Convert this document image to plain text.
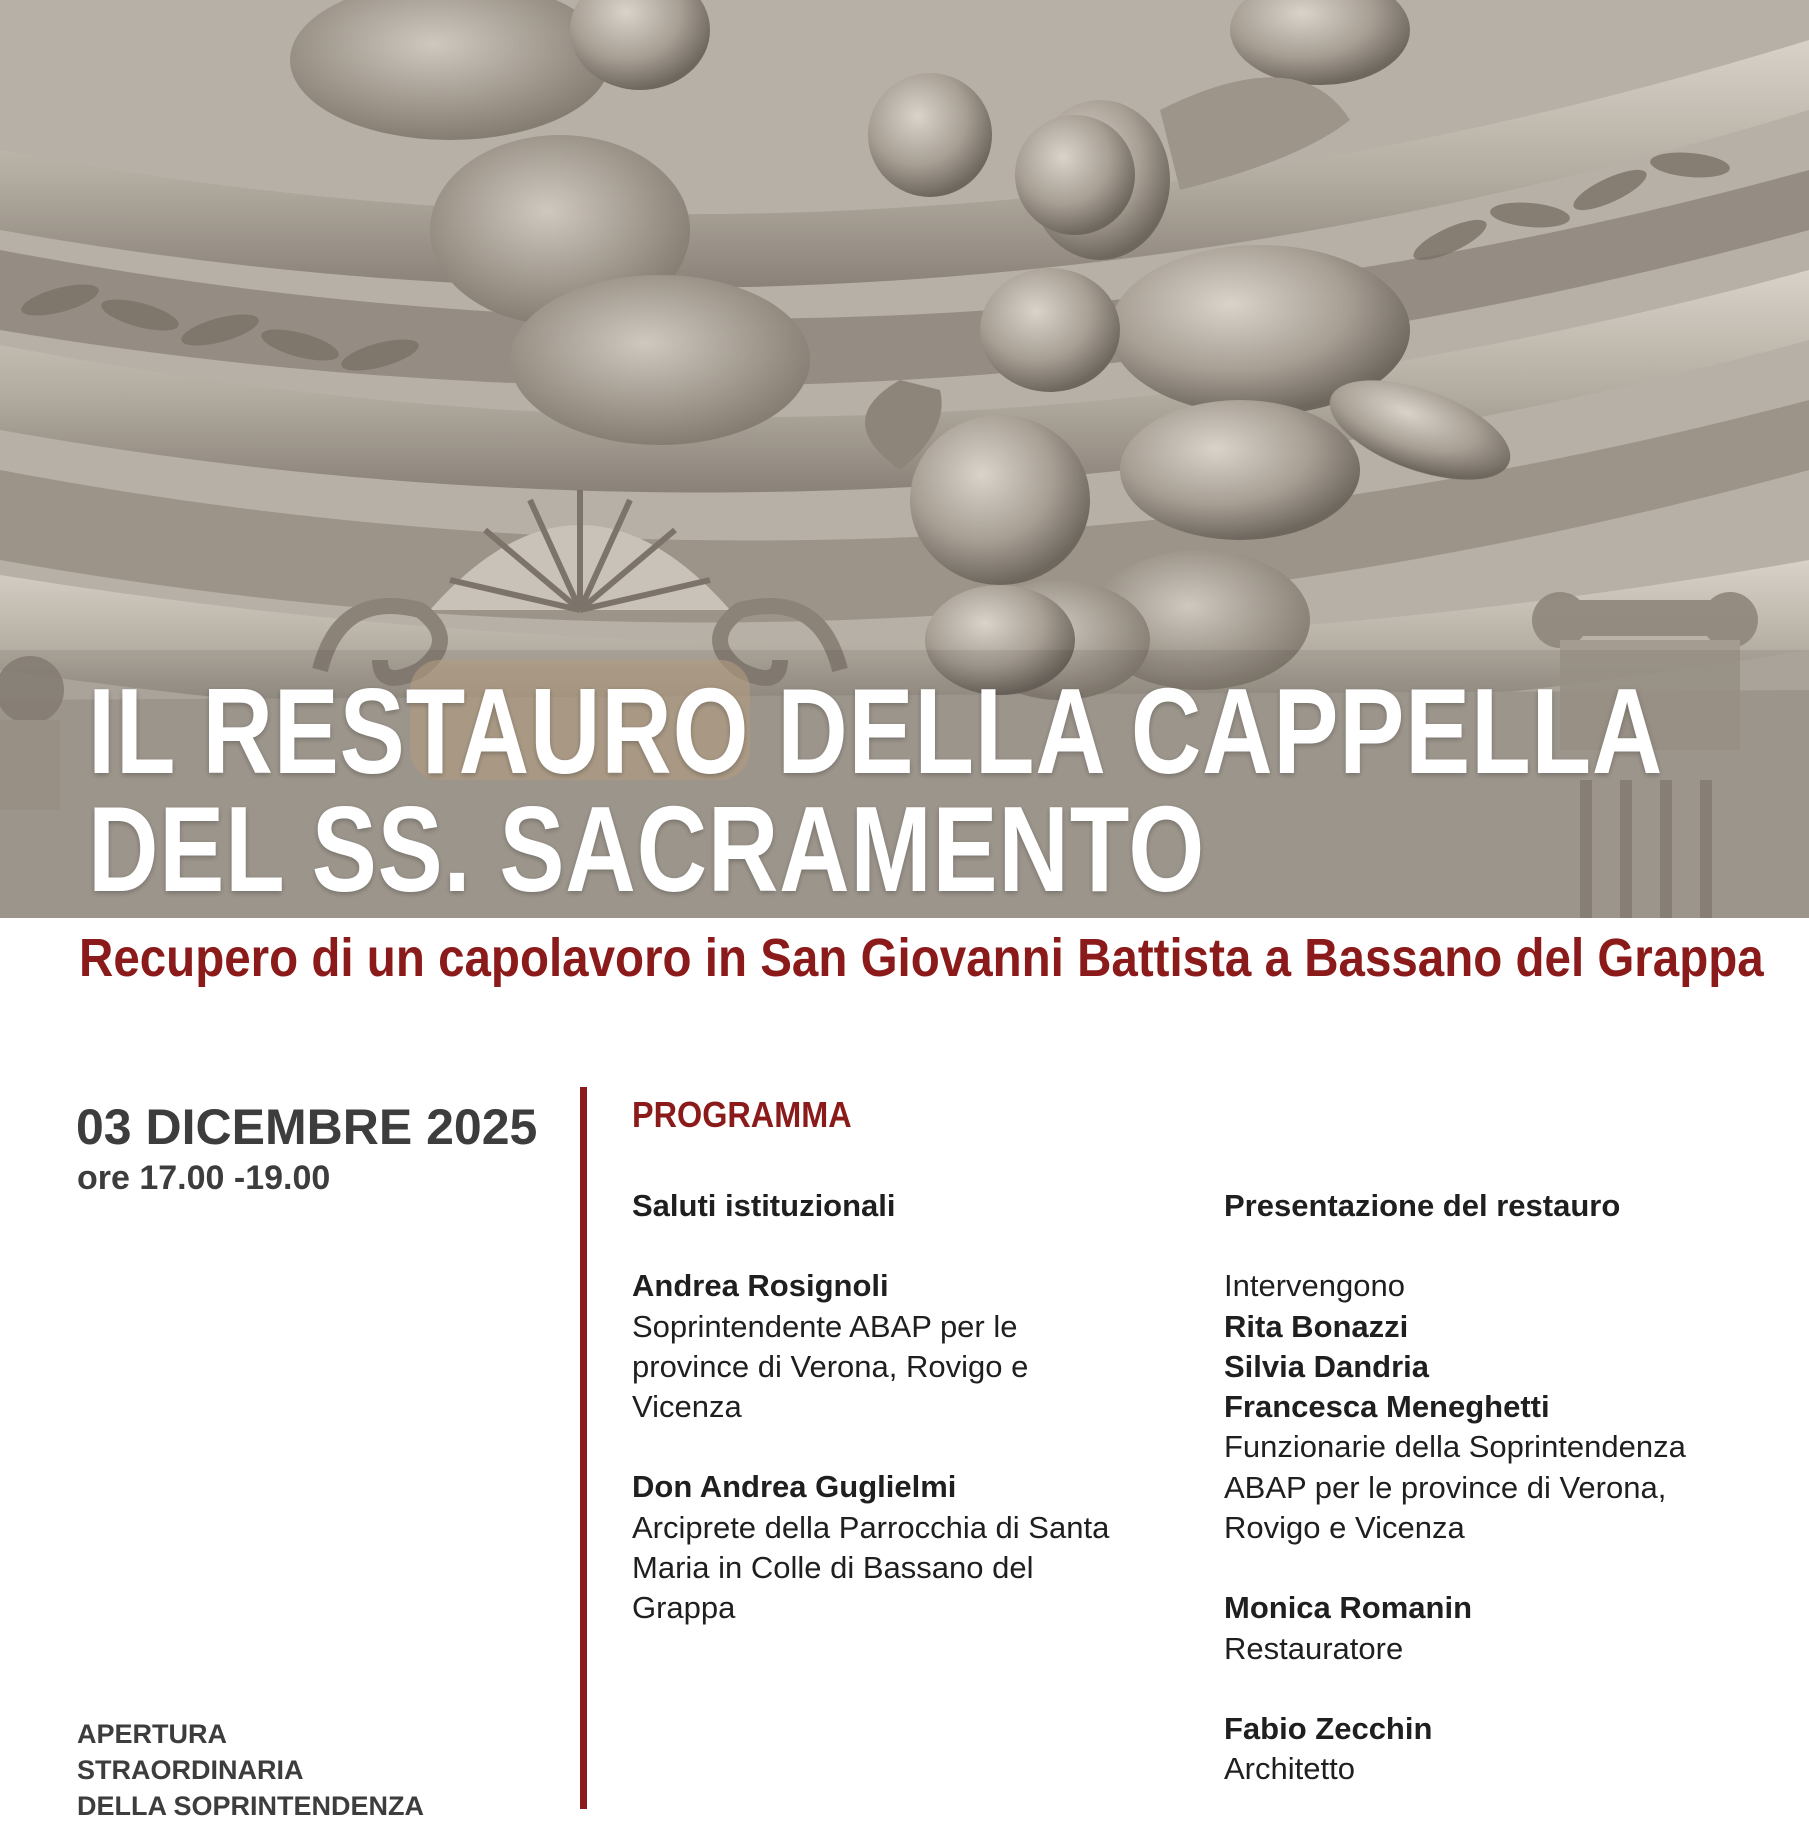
IL RESTAURO DELLA CAPPELLA
DEL SS. SACRAMENTO

Recupero di un capolavoro in San Giovanni Battista a Bassano del Grappa

03 DICEMBRE 2025

ore 17.00 -19.00

APERTURA
STRAORDINARIA
DELLA SOPRINTENDENZA

PROGRAMMA

Saluti istituzionali

Andrea Rosignoli

Soprintendente ABAP per le

province di Verona, Rovigo e

Vicenza

Don Andrea Guglielmi

Arciprete della Parrocchia di Santa

Maria in Colle di Bassano del

Grappa

Presentazione del restauro

Intervengono

Rita Bonazzi

Silvia Dandria

Francesca Meneghetti

Funzionarie della Soprintendenza

ABAP per le province di Verona,

Rovigo e Vicenza

Monica Romanin

Restauratore

Fabio Zecchin

Architetto
